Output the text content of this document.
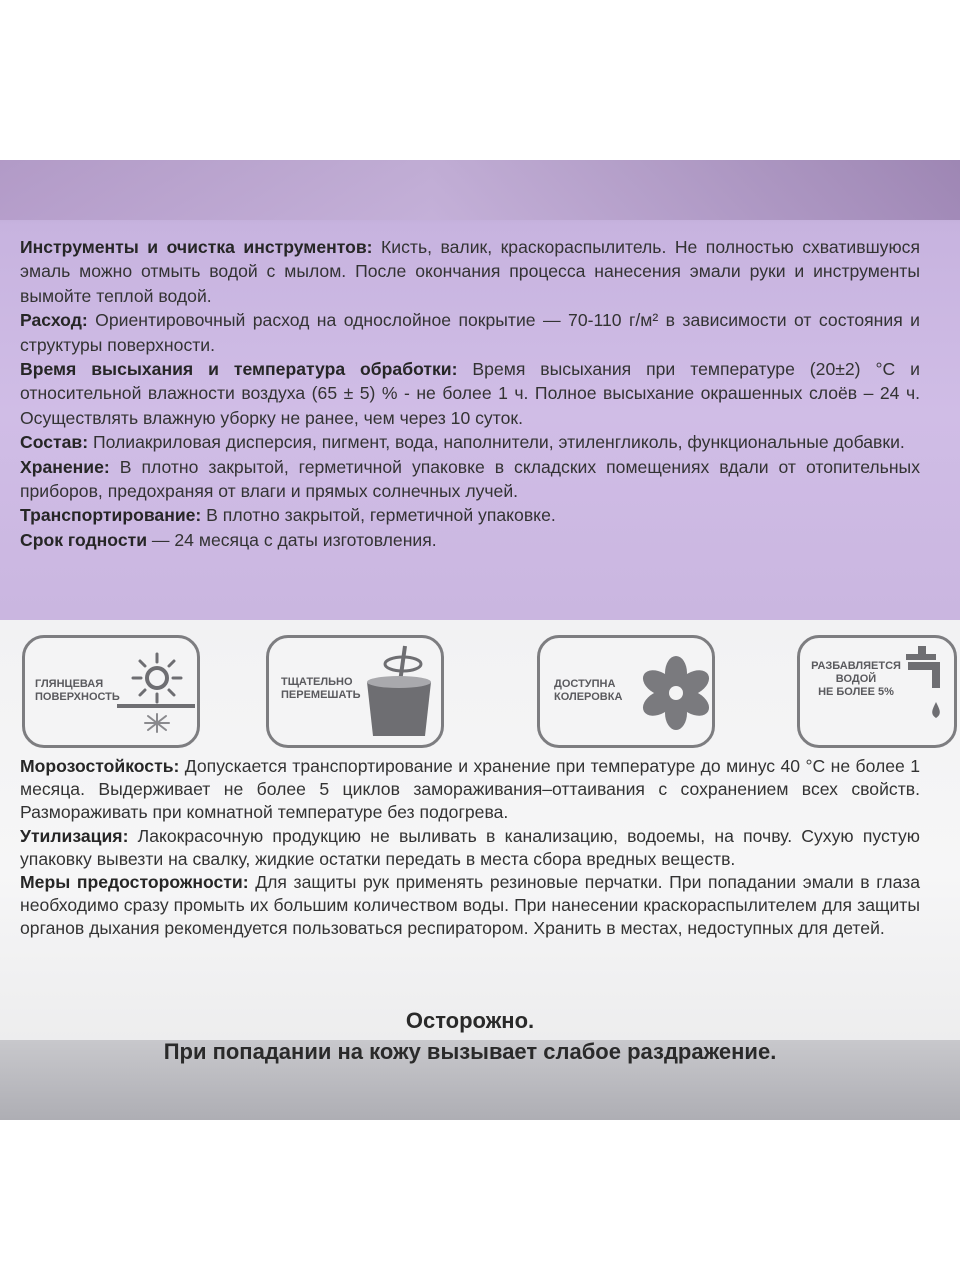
Инструменты и очистка инструментов: Кисть, валик, краскораспылитель. Не полностью схватившуюся эмаль можно отмыть водой с мылом. После окончания процесса нанесения эмали руки и инструменты вымойте теплой водой.

Расход: Ориентировочный расход на однослойное покрытие — 70-110 г/м² в зависимости от состояния и структуры поверхности.

Время высыхания и температура обработки: Время высыхания при температуре (20±2) °С и относительной влажности воздуха (65 ± 5) % - не более 1 ч. Полное высыхание окрашенных слоёв – 24 ч. Осуществлять влажную уборку не ранее, чем через 10 суток.

Состав: Полиакриловая дисперсия, пигмент, вода, наполнители, этиленгликоль, функциональные добавки.

Хранение: В плотно закрытой, герметичной упаковке в складских помещениях вдали от отопительных приборов, предохраняя от влаги и прямых солнечных лучей.

Транспортирование: В плотно закрытой, герметичной упаковке.

Срок годности — 24 месяца с даты изготовления.

ГЛЯНЦЕВАЯ
ПОВЕРХНОСТЬ
ТЩАТЕЛЬНО
ПЕРЕМЕШАТЬ
ДОСТУПНА
КОЛЕРОВКА
РАЗБАВЛЯЕТСЯ
ВОДОЙ
НЕ БОЛЕЕ 5%

Морозостойкость: Допускается транспортирование и хранение при температуре до минус 40 °С не более 1 месяца. Выдерживает не более 5 циклов замораживания–оттаивания с сохранением всех свойств. Размораживать при комнатной температуре без подогрева.

Утилизация: Лакокрасочную продукцию не выливать в канализацию, водоемы, на почву. Сухую пустую упаковку вывезти на свалку, жидкие остатки передать в места сбора вредных веществ.

Меры предосторожности: Для защиты рук применять резиновые перчатки. При попадании эмали в глаза необходимо сразу промыть их большим количеством воды. При нанесении краскораспылителем для защиты органов дыхания рекомендуется пользоваться респиратором. Хранить в местах, недоступных для детей.

Осторожно.
При попадании на кожу вызывает слабое раздражение.
